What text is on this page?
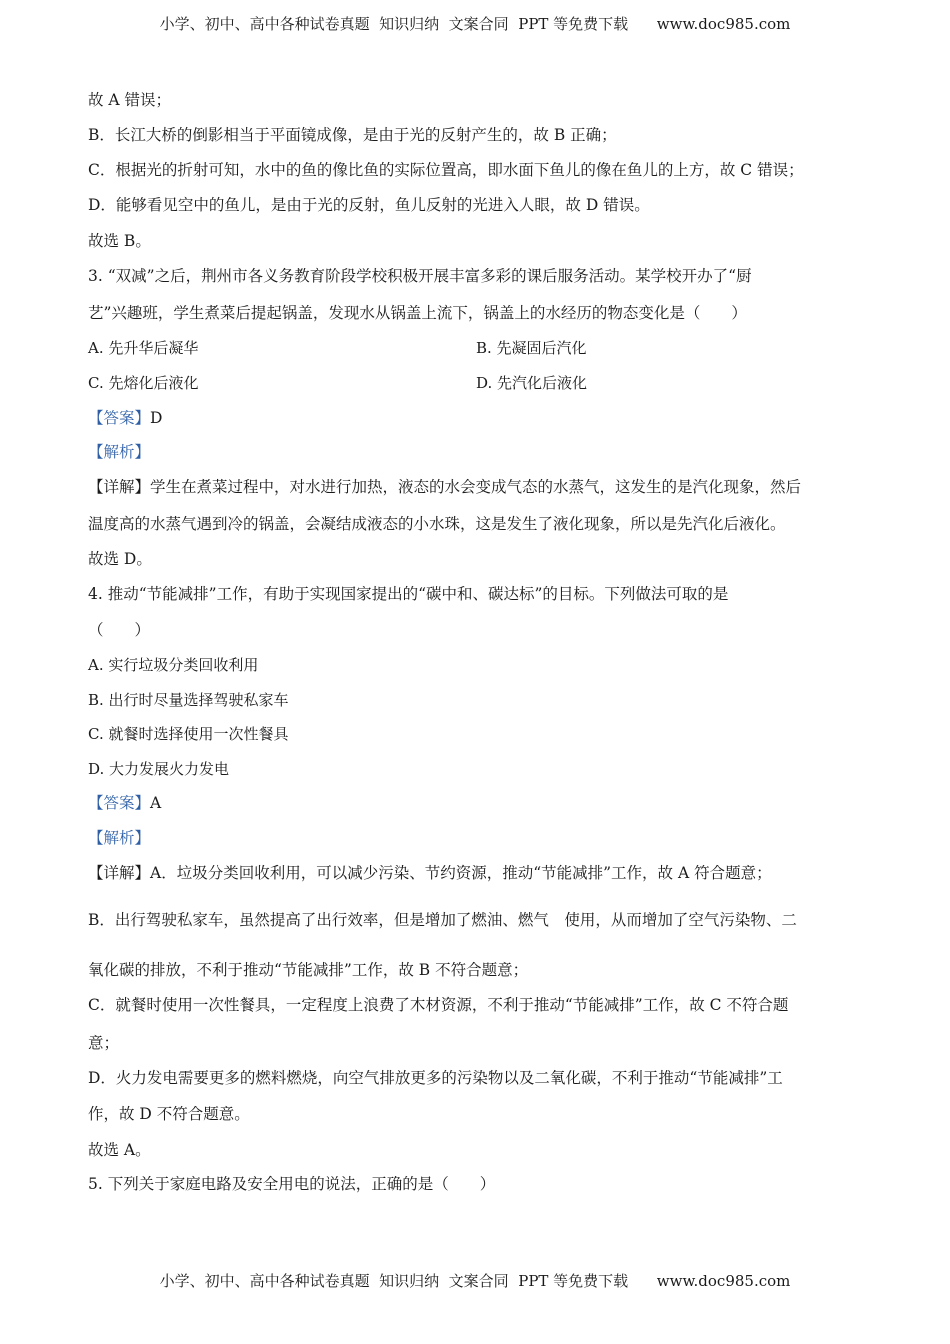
小学、初中、高中各种试卷真题  知识归纳  文案合同  PPT 等免费下载      www.doc985.com
故 A 错误；
B．长江大桥的倒影相当于平面镜成像，是由于光的反射产生的，故 B 正确；
C．根据光的折射可知，水中的鱼的像比鱼的实际位置高，即水面下鱼儿的像在鱼儿的上方，故 C 错误；
D．能够看见空中的鱼儿，是由于光的反射，鱼儿反射的光进入人眼，故 D 错误。
故选 B。
3. “双减”之后，荆州市各义务教育阶段学校积极开展丰富多彩的课后服务活动。某学校开办了“厨
艺”兴趣班，学生煮菜后提起锅盖，发现水从锅盖上流下，锅盖上的水经历的物态变化是（　　）
A. 先升华后凝华	B. 先凝固后汽化
C. 先熔化后液化	D. 先汽化后液化
【答案】D
【解析】
【详解】学生在煮菜过程中，对水进行加热，液态的水会变成气态的水蒸气，这发生的是汽化现象，然后
温度高的水蒸气遇到冷的锅盖，会凝结成液态的小水珠，这是发生了液化现象，所以是先汽化后液化。
故选 D。
4. 推动“节能减排”工作，有助于实现国家提出的“碳中和、碳达标”的目标。下列做法可取的是
（　　）
A. 实行垃圾分类回收利用
B. 出行时尽量选择驾驶私家车
C. 就餐时选择使用一次性餐具
D. 大力发展火力发电
【答案】A
【解析】
【详解】A．垃圾分类回收利用，可以减少污染、节约资源，推动“节能减排”工作，故 A 符合题意；
B．出行驾驶私家车，虽然提高了出行效率，但是增加了燃油、燃气　使用，从而增加了空气污染物、二
氧化碳的排放，不利于推动“节能减排”工作，故 B 不符合题意；
C．就餐时使用一次性餐具，一定程度上浪费了木材资源，不利于推动“节能减排”工作，故 C 不符合题
意；
D．火力发电需要更多的燃料燃烧，向空气排放更多的污染物以及二氧化碳，不利于推动“节能减排”工
作，故 D 不符合题意。
故选 A。
5. 下列关于家庭电路及安全用电的说法，正确的是（　　）
小学、初中、高中各种试卷真题  知识归纳  文案合同  PPT 等免费下载      www.doc985.com
